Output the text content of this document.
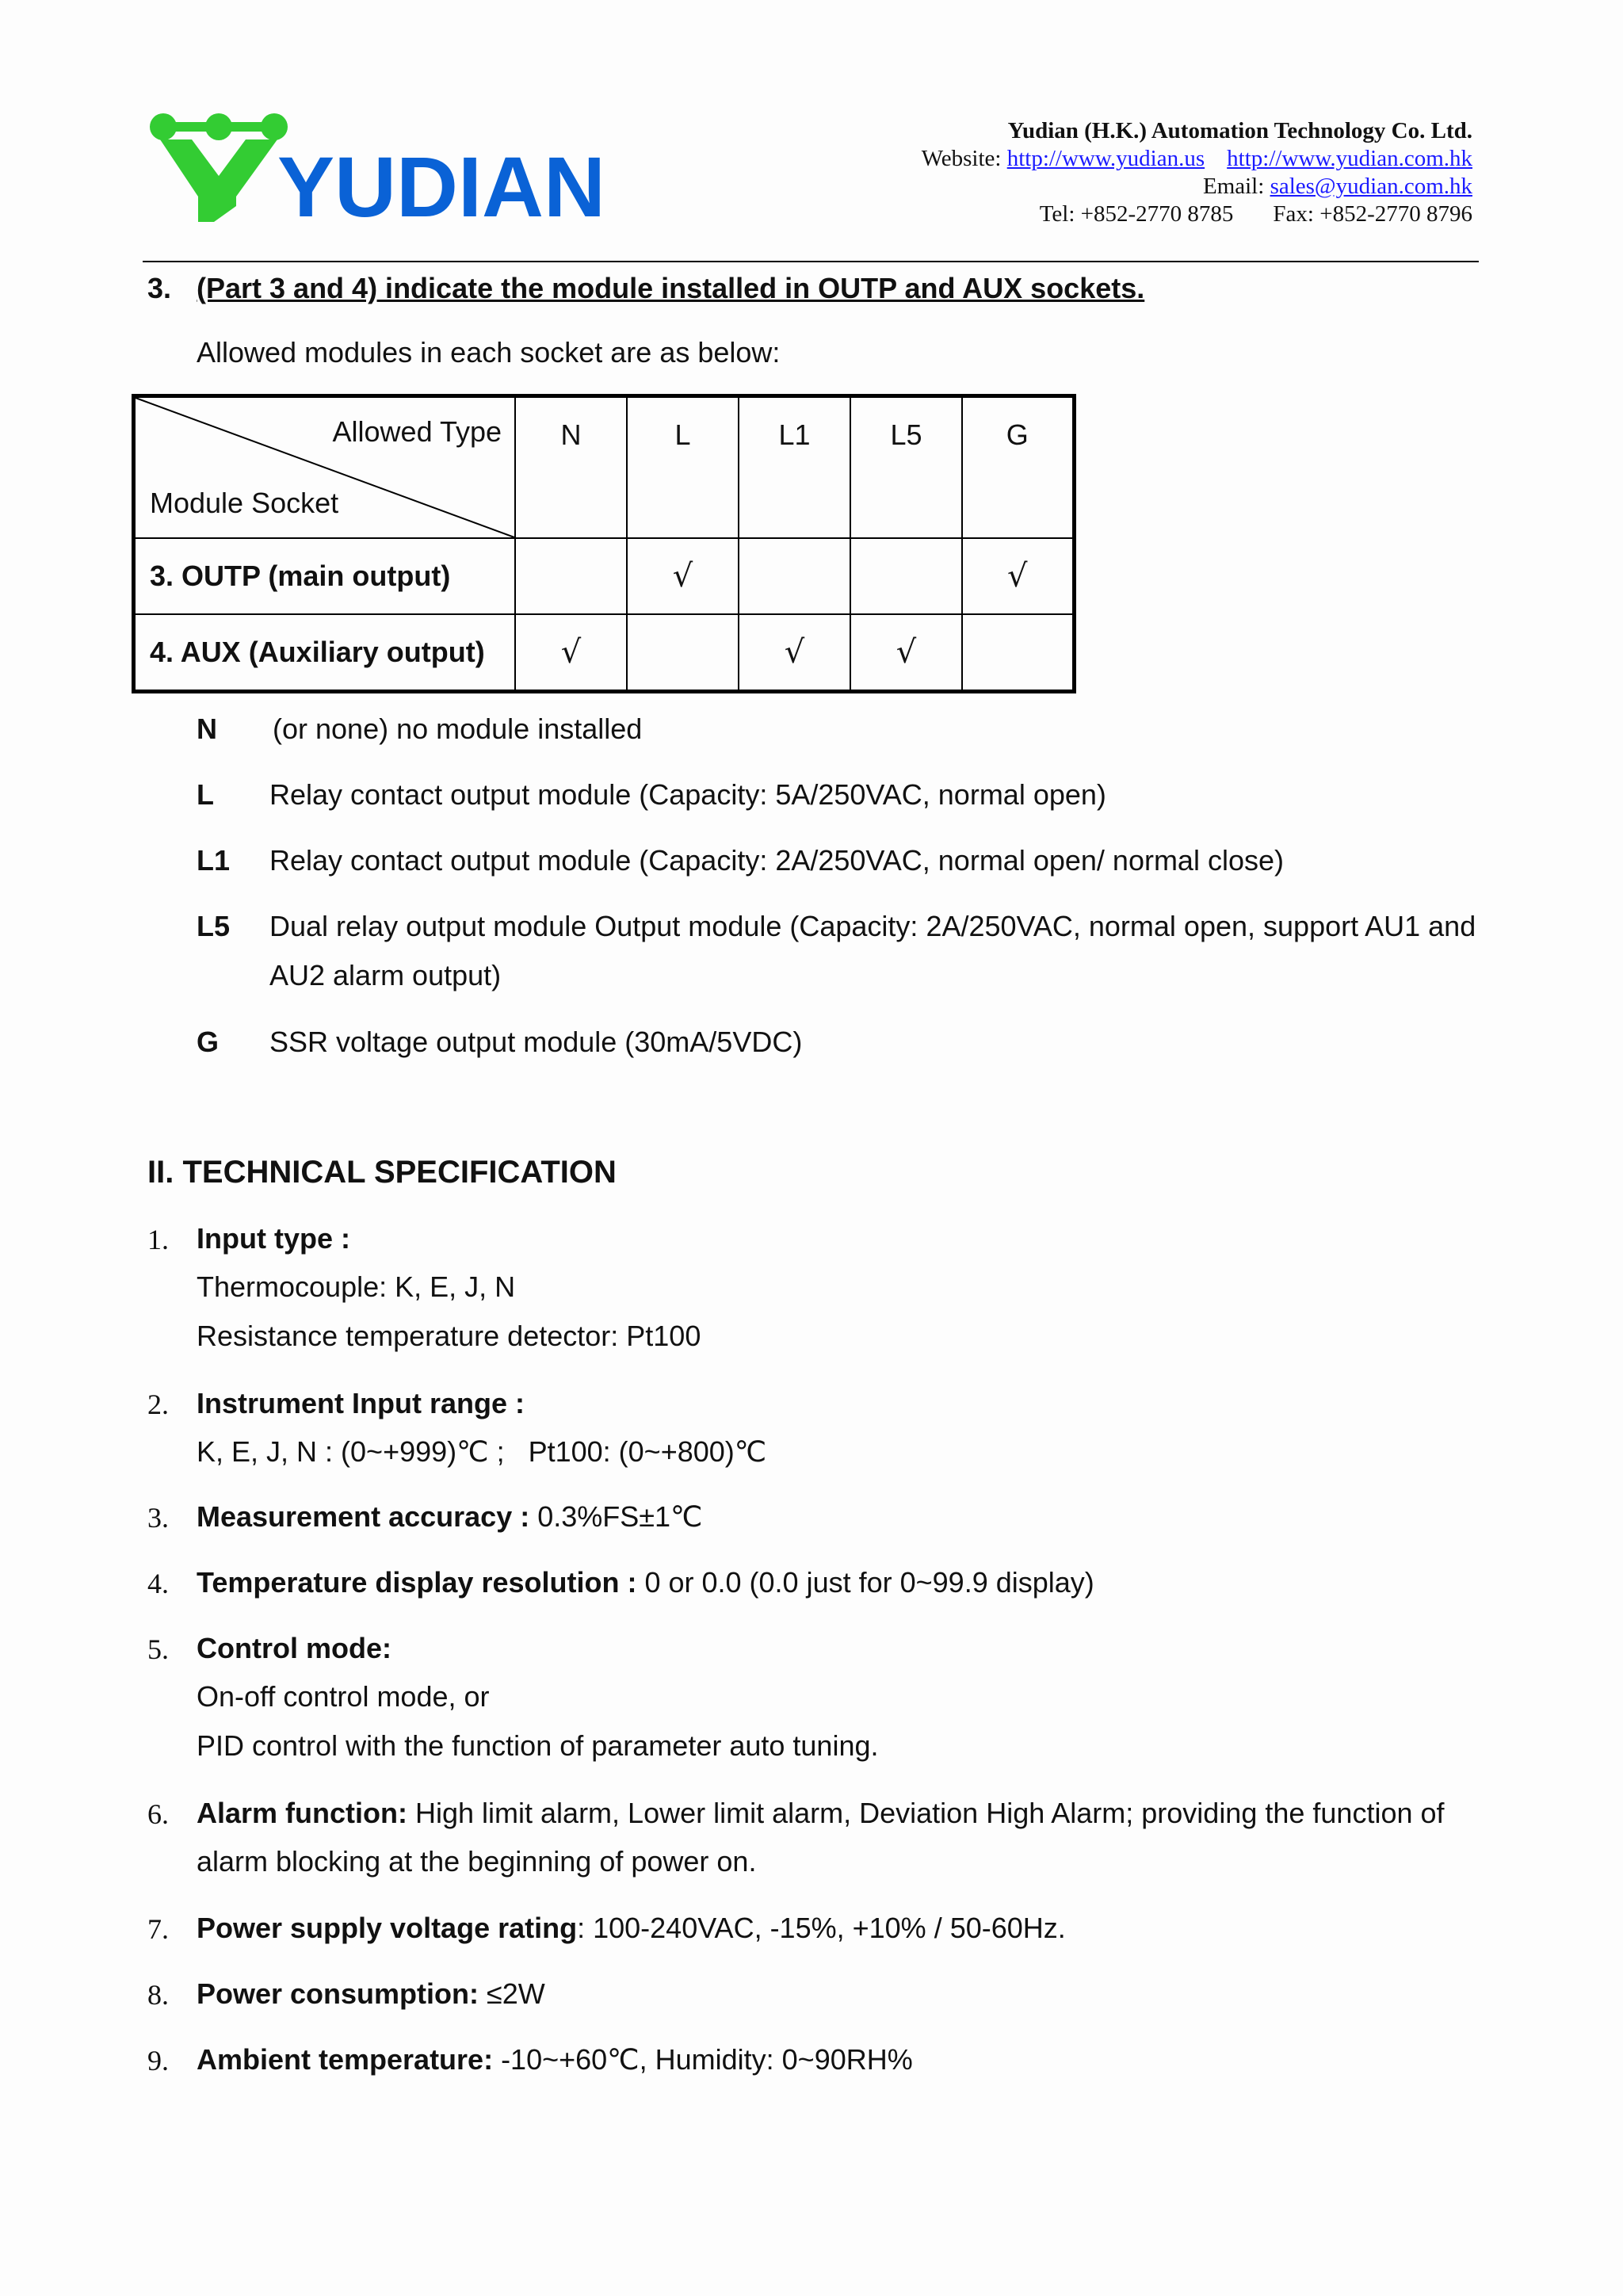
YUDIAN
Yudian (H.K.) Automation Technology Co. Ltd.
Website: http://www.yudian.us http://www.yudian.com.hk
Email: sales@yudian.com.hk
Tel: +852-2770 8785 Fax: +852-2770 8796
3. (Part 3 and 4) indicate the module installed in OUTP and AUX sockets.
Allowed modules in each socket are as below:
Allowed Type
Module Socket	N	L	L1	L5	G
3. OUTP (main output)		√			√
4. AUX (Auxiliary output)	√		√	√	
N (or none) no module installed
L Relay contact output module (Capacity: 5A/250VAC, normal open)
L1 Relay contact output module (Capacity: 2A/250VAC, normal open/ normal close)
L5 Dual relay output module Output module (Capacity: 2A/250VAC, normal open, support AU1 and
AU2 alarm output)
G SSR voltage output module (30mA/5VDC)
II. TECHNICAL SPECIFICATION
1. Input type :
Thermocouple: K, E, J, N
Resistance temperature detector: Pt100
2. Instrument Input range :
K, E, J, N : (0~+999)℃ ;   Pt100: (0~+800)℃
3. Measurement accuracy : 0.3%FS±1℃
4. Temperature display resolution : 0 or 0.0 (0.0 just for 0~99.9 display)
5. Control mode:
On-off control mode, or
PID control with the function of parameter auto tuning.
6. Alarm function: High limit alarm, Lower limit alarm, Deviation High Alarm; providing the function of
alarm blocking at the beginning of power on.
7. Power supply voltage rating: 100-240VAC, -15%, +10% / 50-60Hz.
8. Power consumption: ≤2W
9. Ambient temperature: -10~+60℃, Humidity: 0~90RH%
